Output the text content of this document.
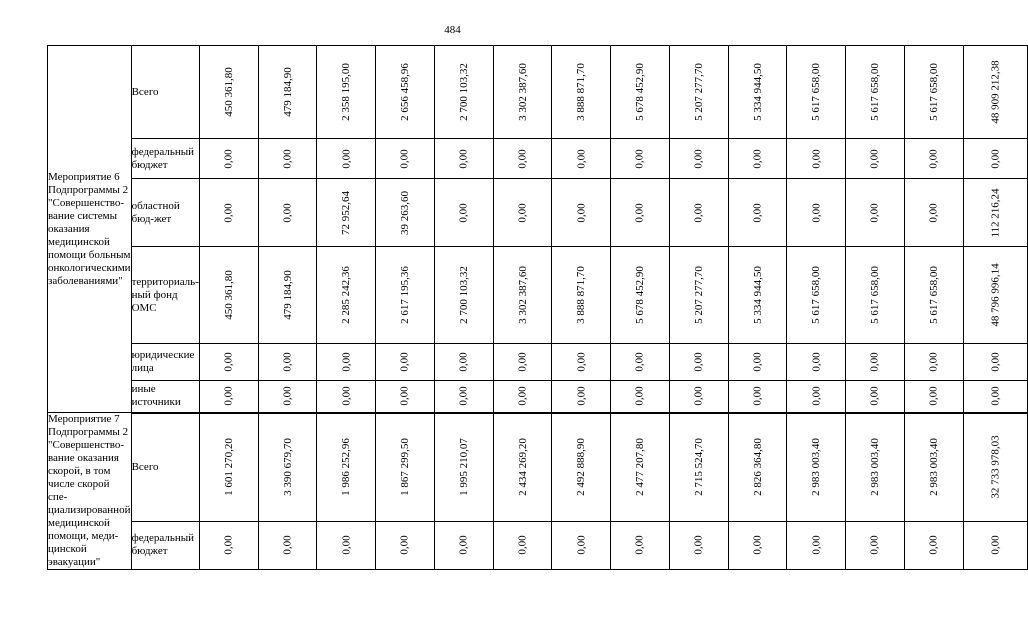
484
Мероприятие 6 Подпрограммы 2 "Совершенство-вание системы оказания медицинской помощи больным онкологическими заболеваниями"	Всего	450 361,80	479 184,90	2 358 195,00	2 656 458,96	2 700 103,32	3 302 387,60	3 888 871,70	5 678 452,90	5 207 277,70	5 334 944,50	5 617 658,00	5 617 658,00	5 617 658,00	48 909 212,38
	федеральный бюджет	0,00	0,00	0,00	0,00	0,00	0,00	0,00	0,00	0,00	0,00	0,00	0,00	0,00	0,00
	областной бюд-жет	0,00	0,00	72 952,64	39 263,60	0,00	0,00	0,00	0,00	0,00	0,00	0,00	0,00	0,00	112 216,24
	территориаль-ный фонд ОМС	450 361,80	479 184,90	2 285 242,36	2 617 195,36	2 700 103,32	3 302 387,60	3 888 871,70	5 678 452,90	5 207 277,70	5 334 944,50	5 617 658,00	5 617 658,00	5 617 658,00	48 796 996,14
	юридические лица	0,00	0,00	0,00	0,00	0,00	0,00	0,00	0,00	0,00	0,00	0,00	0,00	0,00	0,00
	иные источники	0,00	0,00	0,00	0,00	0,00	0,00	0,00	0,00	0,00	0,00	0,00	0,00	0,00	0,00
Мероприятие 7 Подпрограммы 2 "Совершенство-вание оказания скорой, в том числе скорой спе-циализированной медицинской помощи, меди-цинской эвакуации"	Всего	1 601 270,20	3 390 679,70	1 986 252,96	1 867 299,50	1 995 210,07	2 434 269,20	2 492 888,90	2 477 207,80	2 715 524,70	2 826 364,80	2 983 003,40	2 983 003,40	2 983 003,40	32 733 978,03
	федеральный бюджет	0,00	0,00	0,00	0,00	0,00	0,00	0,00	0,00	0,00	0,00	0,00	0,00	0,00	0,00
